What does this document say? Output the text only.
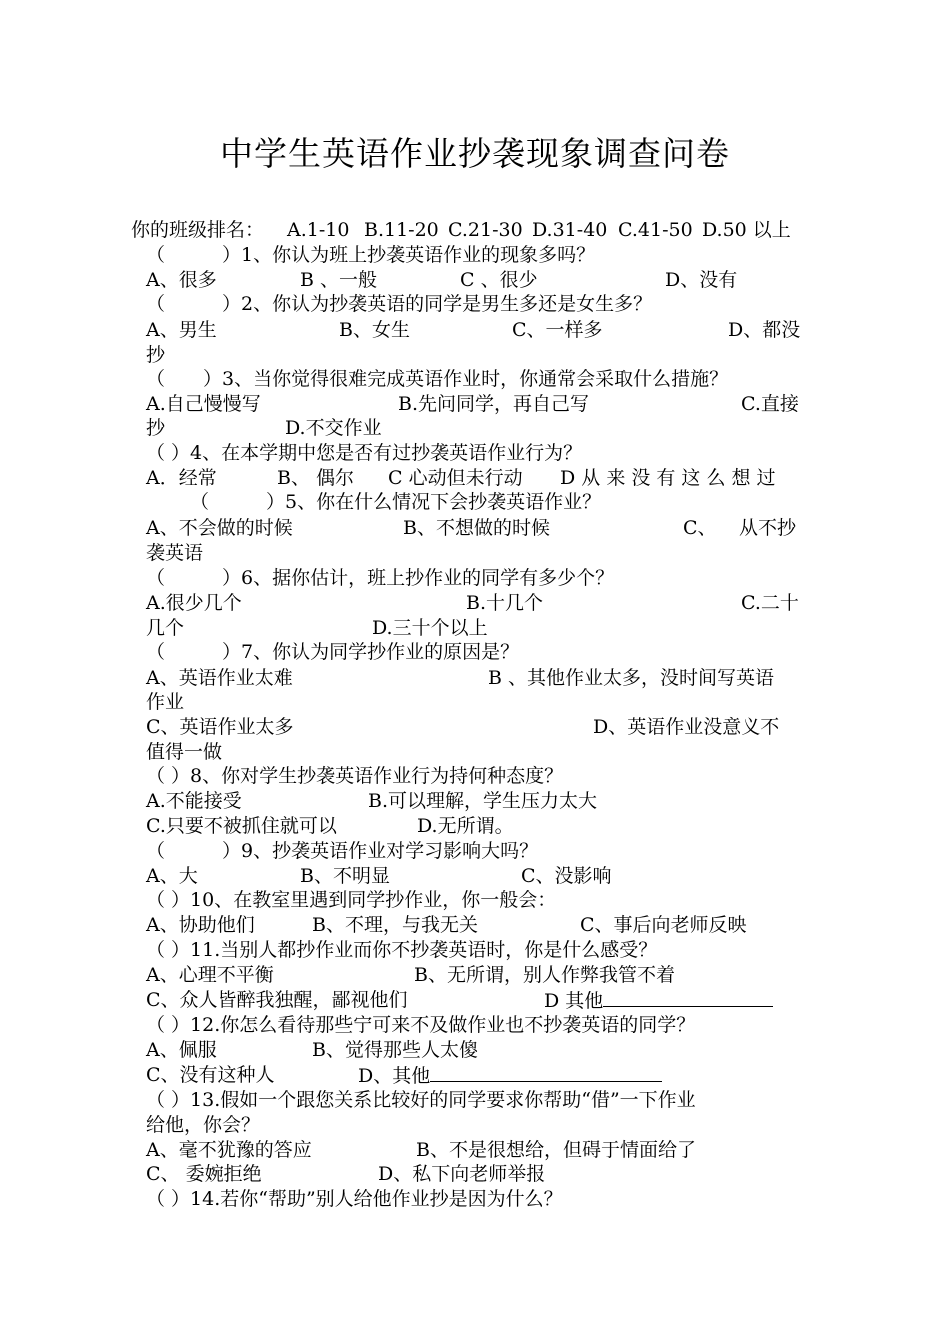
中学生英语作业抄袭现象调查问卷
你的班级排名： A.1-10 B.11-20 C.21-30 D.31-40 C.41-50 D.50 以上
（　　　）1、你认为班上抄袭英语作业的现象多吗？
A、很多	B 、一般	C 、很少	D、没有
（　　　）2、你认为抄袭英语的同学是男生多还是女生多？
A、男生	B、女生	C、一样多	D、都没
抄
（　　）3、当你觉得很难完成英语作业时，你通常会采取什么措施？
A.自己慢慢写	B.先问同学，再自己写	C.直接
抄	D.不交作业
（ ）4、在本学期中您是否有过抄袭英语作业行为？
A．经常	B、 偶尔 C 心动但未行动 D 从 来 没 有 这 么 想 过
（　　　）5、你在什么情况下会抄袭英语作业？
A、不会做的时候	B、不想做的时候	C、 从不抄
袭英语
（　　　）6、据你估计，班上抄作业的同学有多少个？
A.很少几个	B.十几个	C.二十
几个	D.三十个以上
（　　　）7、你认为同学抄作业的原因是？
A、英语作业太难	B 、其他作业太多，没时间写英语
作业
C、英语作业太多	D、英语作业没意义不
值得一做
（ ）8、你对学生抄袭英语作业行为持何种态度？
A.不能接受	B.可以理解，学生压力太大
C.只要不被抓住就可以	D.无所谓。
（　　　）9、抄袭英语作业对学习影响大吗？
A、大	B、不明显	C、没影响
（ ）10、在教室里遇到同学抄作业，你一般会：
A、协助他们	B、不理，与我无关	C、事后向老师反映
（ ）11.当别人都抄作业而你不抄袭英语时，你是什么感受？
A、心理不平衡	B、无所谓，别人作弊我管不着
C、众人皆醉我独醒，鄙视他们	D 其他
（ ）12.你怎么看待那些宁可来不及做作业也不抄袭英语的同学？
A、佩服	B、觉得那些人太傻
C、没有这种人	D、其他
（ ）13.假如一个跟您关系比较好的同学要求你帮助“借”一下作业
给他，你会？
A、毫不犹豫的答应	B、不是很想给，但碍于情面给了
C、 委婉拒绝	D、私下向老师举报
（ ）14.若你“帮助”别人给他作业抄是因为什么？
